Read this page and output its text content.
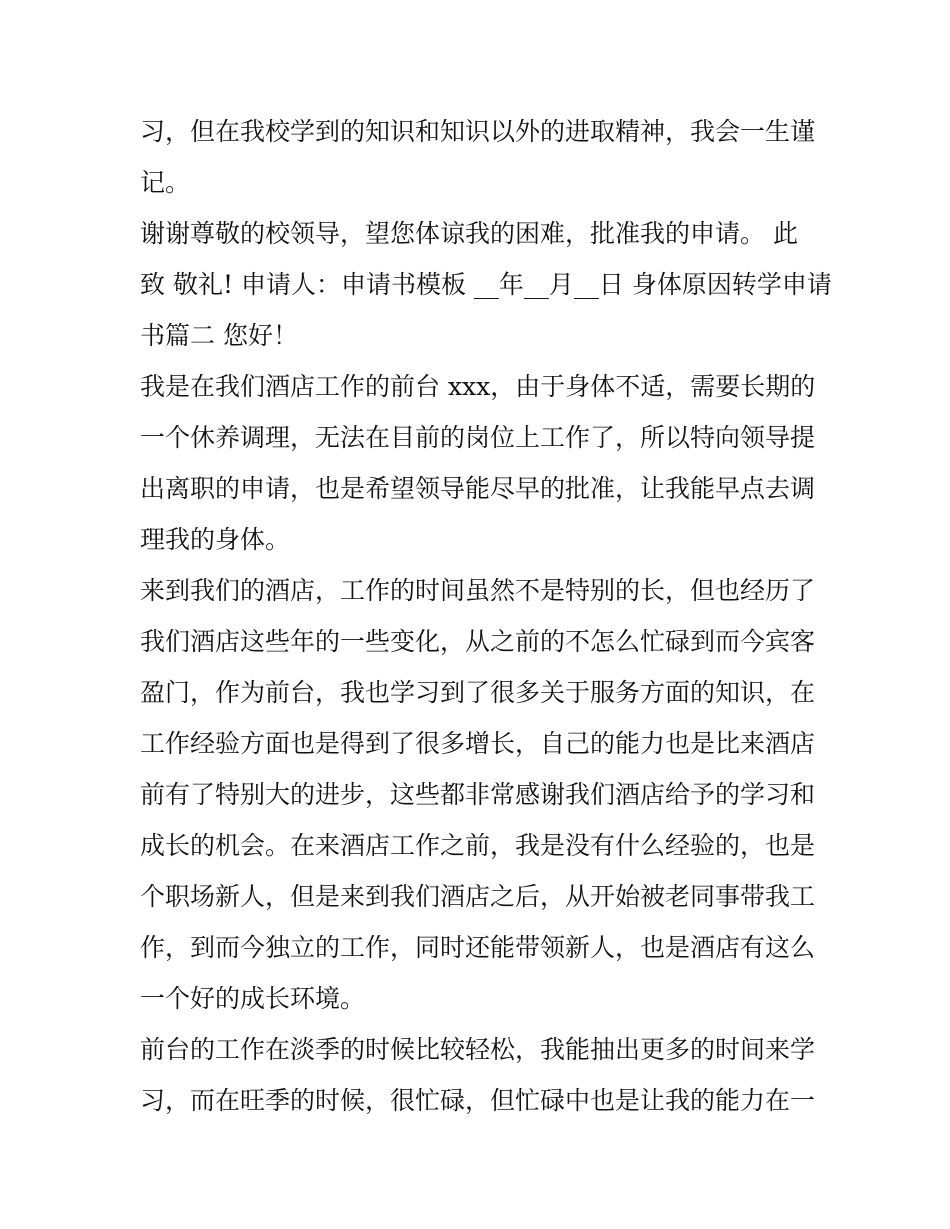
习，但在我校学到的知识和知识以外的进取精神，我会一生谨
记。

谢谢尊敬的校领导，望您体谅我的困难，批准我的申请。 此
致 敬礼! 申请人：申请书模板 __年__月__日 身体原因转学申请
书篇二 您好！

我是在我们酒店工作的前台 xxx，由于身体不适，需要长期的
一个休养调理，无法在目前的岗位上工作了，所以特向领导提
出离职的申请，也是希望领导能尽早的批准，让我能早点去调
理我的身体。

来到我们的酒店，工作的时间虽然不是特别的长，但也经历了
我们酒店这些年的一些变化，从之前的不怎么忙碌到而今宾客
盈门，作为前台，我也学习到了很多关于服务方面的知识，在
工作经验方面也是得到了很多增长，自己的能力也是比来酒店
前有了特别大的进步，这些都非常感谢我们酒店给予的学习和
成长的机会。在来酒店工作之前，我是没有什么经验的，也是
个职场新人，但是来到我们酒店之后，从开始被老同事带我工
作，到而今独立的工作，同时还能带领新人，也是酒店有这么
一个好的成长环境。

前台的工作在淡季的时候比较轻松，我能抽出更多的时间来学
习，而在旺季的时候，很忙碌，但忙碌中也是让我的能力在一
